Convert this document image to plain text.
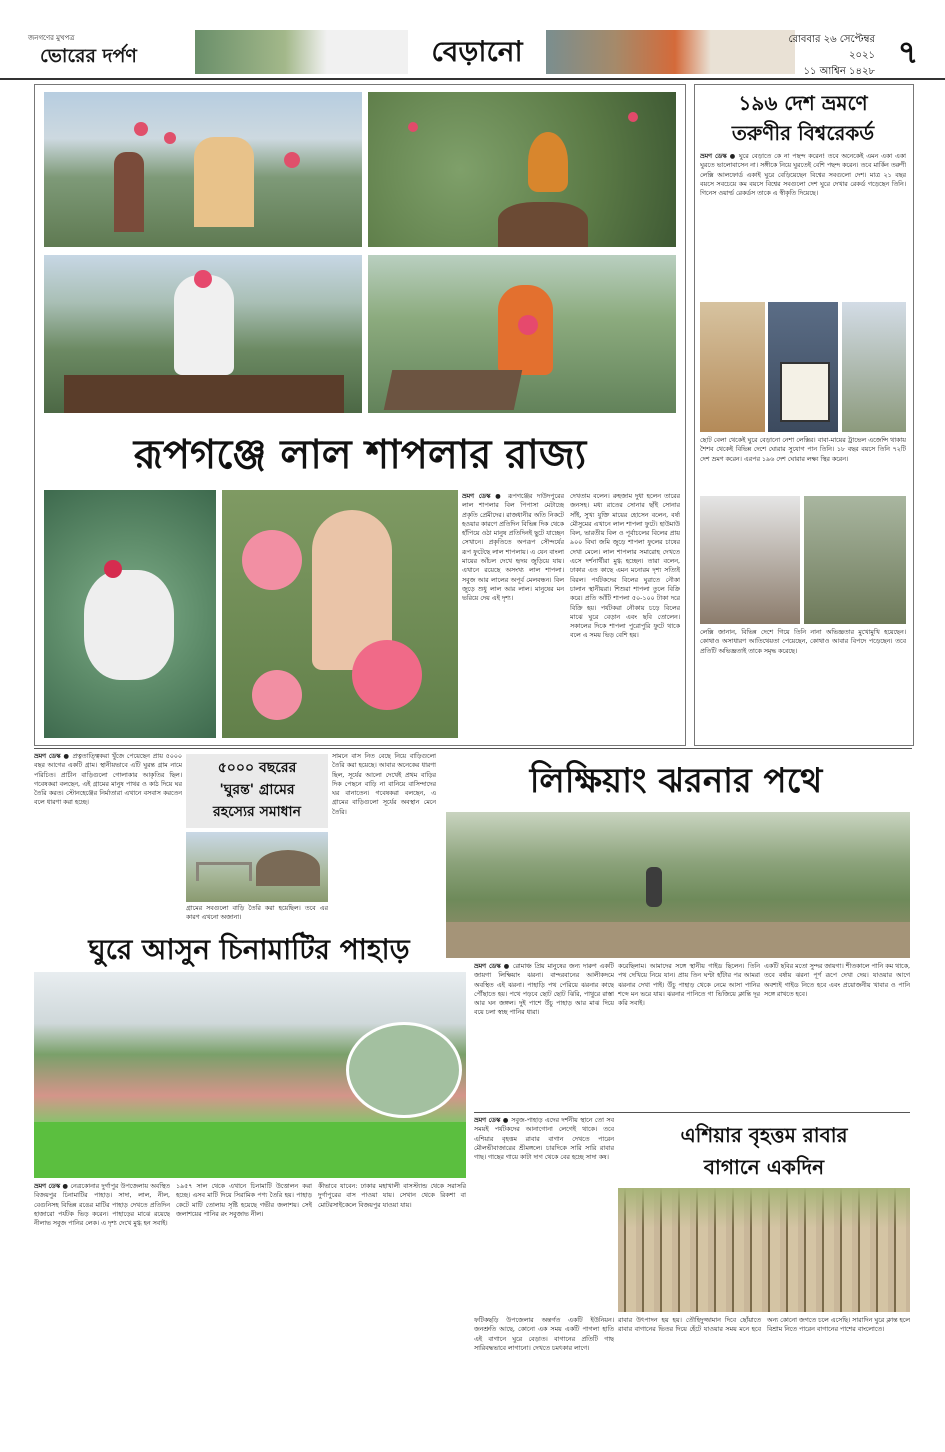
জনগণের মুখপত্র
ভোরের দর্পণ	বেড়ানো	রোববার ২৬ সেপ্টেম্বর ২০২১
১১ আশ্বিন ১৪২৮
৭
রূপগঞ্জে লাল শাপলার রাজ্য
ভ্রমণ ডেস্ক ● রূপগঞ্জের দাউদপুরের লাল শাপলার বিল পিপাসা মেটাচ্ছে প্রকৃতি প্রেমীদের। রাজধানীর অতি নিকটে হওয়ার কারণে প্রতিদিন বিভিন্ন দিক থেকে হাঁপিয়ে ওঠা মানুষ প্রতিদিনই ছুটে যাচ্ছেন সেখানে। প্রকৃতিতে অপরূপ সৌন্দর্যের রূপ ফুটেছে লাল শাপলায়। এ যেন বাংলা মায়ের আঁচল দেখে হৃদয় জুড়িয়ে যায়। এখানে রয়েছে অসংখ্য লাল শাপলা। সবুজ আর লালের অপূর্ব মেলবন্ধন। বিল জুড়ে শুধু লাল আর লাল। মানুষের মন ভরিয়ে দেয় এই দৃশ্য।
দেখতাম বলেন। রুহজাম দুধা হলেন তারের জনসহ। মধ্য রাতের সোনার ছাঁই সোনার সাঁই, সুখ্য যুক্তি মায়ের হোসেন বলেন, বর্ষা মৌসুমের এখানে লাল শাপলা ফুটে। হাউমাউ বিল, ভারতীয় বিল ও পূর্বাচলের বিলের প্রায় ৯০০ বিঘা জমি জুড়ে শাপলা ফুলের চাষের দেখা মেলে। লাল শাপলার সমারোহ দেখতে এসে দর্শনার্থীরা মুগ্ধ হচ্ছেন। তারা বলেন, ঢাকার এত কাছে এমন মনোরম দৃশ্য সত্যিই বিরল। পর্যটকদের বিলের ঘুরাতে নৌকা চালান স্থানীয়রা। শিশুরা শাপলা তুলে বিক্রি করে। প্রতি আঁটি শাপলা ৫০-১০০ টাকা দরে বিক্রি হয়। পর্যটকরা নৌকায় চড়ে বিলের মাঝে ঘুরে বেড়ান এবং ছবি তোলেন। সকালের দিকে শাপলা পুরোপুরি ফুটে থাকে বলে এ সময় ভিড় বেশি হয়।
১৯৬ দেশ ভ্রমণে
তরুণীর বিশ্বরেকর্ড
ভ্রমণ ডেস্ক ● ঘুরে বেড়াতে কে না পছন্দ করেন! তবে অনেকেই এমন একা একা ঘুরতে ভালোবাসেন না। সঙ্গীকে নিয়ে ঘুরতেই বেশি পছন্দ করেন। তবে মার্কিন তরুণী লেক্সি আলফোর্ড একাই ঘুরে বেড়িয়েছেন বিশ্বের সবগুলো দেশ। মাত্র ২১ বছর বয়সে সবচেয়ে কম বয়সে বিশ্বের সবগুলো দেশ ঘুরে দেখার রেকর্ড গড়েছেন তিনি। গিনেস ওয়ার্ল্ড রেকর্ডস তাকে এ স্বীকৃতি দিয়েছে।
ছোট বেলা থেকেই ঘুরে বেড়ানো নেশা লেক্সির। বাবা-মায়ের ট্রাভেল এজেন্সি থাকায় শৈশব থেকেই বিভিন্ন দেশে ঘোরার সুযোগ পান তিনি। ১৮ বছর বয়সে তিনি ৭২টি দেশ ভ্রমণ করেন। এরপর ১৯৬ দেশ ঘোরার লক্ষ্য স্থির করেন।
লেক্সি জানান, বিভিন্ন দেশে গিয়ে তিনি নানা অভিজ্ঞতার মুখোমুখি হয়েছেন। কোথাও অসাধারণ আতিথেয়তা পেয়েছেন, কোথাও আবার বিপদে পড়েছেন। তবে প্রতিটি অভিজ্ঞতাই তাকে সমৃদ্ধ করেছে।
ভ্রমণ ডেস্ক ● প্রত্নতাত্ত্বিকরা খুঁজে পেয়েছেন প্রায় ৫০০০ বছর আগের একটি গ্রাম। স্থানীয়ভাবে এটি ঘুরন্ত গ্রাম নামে পরিচিত। প্রাচীন বাড়িগুলো গোলাকার আকৃতির ছিল। গবেষকরা বলছেন, এই গ্রামের মানুষ পাথর ও কাঠ দিয়ে ঘর তৈরি করত। স্টোনহেঞ্জের নির্মাতারা এখানে বসবাস করতেন বলে ধারণা করা হচ্ছে।
৫০০০ বছরের
'ঘুরন্ত' গ্রামের
রহস্যের সমাধান
গ্রামের সবগুলো বাড়ি তৈরি করা হয়েছিল। তবে এর কারণ এখনো অজানা।
সামনে বাস নিত বেছে নিয়ে বাড়িগুলো তৈরি করা হয়েছে। আবার অনেকের ধারণা ছিল, সূর্যের আলো দেখেই প্রথম বাড়ির দিক পেছনে বাড়ি না বানিয়ে বাসিন্দাদের ঘর বানাতেন। গবেষকরা বলছেন, এ গ্রামের বাড়িগুলো সূর্যের অবস্থান মেনে তৈরি।
লিক্ষিয়াং ঝরনার পথে
ঘুরে আসুন চিনামাটির পাহাড়
ভ্রমণ ডেস্ক ● নেত্রকোনার দুর্গাপুর উপজেলায় অবস্থিত বিজয়পুর চিনামাটির পাহাড়। সাদা, লাল, নীল, বেগুনিসহ বিভিন্ন রঙের মাটির পাহাড় দেখতে প্রতিদিন হাজারো পর্যটক ভিড় করেন। পাহাড়ের মাঝে রয়েছে নীলাভ সবুজ পানির লেক। এ দৃশ্য দেখে মুগ্ধ হন সবাই।
১৯৫৭ সাল থেকে এখানে চিনামাটি উত্তোলন করা হচ্ছে। এসব মাটি দিয়ে সিরামিক পণ্য তৈরি হয়। পাহাড় কেটে মাটি তোলায় সৃষ্টি হয়েছে গভীর জলাশয়। সেই জলাশয়ের পানির রং সবুজাভ নীল।
কীভাবে যাবেন: ঢাকার মহাখালী বাসস্ট্যান্ড থেকে সরাসরি দুর্গাপুরের বাস পাওয়া যায়। সেখান থেকে রিকশা বা মোটরসাইকেলে বিজয়পুর যাওয়া যায়।
ভ্রমণ ডেস্ক ● রোমাঞ্চ প্রিয় মানুষের জন্য দারুণ একটি জায়গা লিক্ষিয়াং ঝরনা। বান্দরবানের আলীকদমে অবস্থিত এই ঝরনা। পাহাড়ি পথ পেরিয়ে ঝরনার কাছে পৌঁছাতে হয়। পথে পড়বে ছোট ছোট ঝিরি, পাথুরে রাস্তা আর ঘন জঙ্গল। দুই পাশে উঁচু পাহাড় আর মাঝ দিয়ে বয়ে চলা স্বচ্ছ পানির ধারা।
করেছিলাম। আমাদের সঙ্গে স্থানীয় গাইড ছিলেন। তিনি পথ দেখিয়ে নিয়ে যান। প্রায় তিন ঘণ্টা হাঁটার পর আমরা ঝরনার দেখা পাই। উঁচু পাহাড় থেকে নেমে আসা পানির শব্দে মন ভরে যায়। ঝরনার পানিতে গা ভিজিয়ে ক্লান্তি দূর করি সবাই।
একটি ছবির মতো সুন্দর জায়গা। শীতকালে পানি কম থাকে, তবে বর্ষায় ঝরনা পূর্ণ রূপে দেখা দেয়। যাওয়ার আগে অবশ্যই গাইড নিতে হবে এবং প্রয়োজনীয় খাবার ও পানি সঙ্গে রাখতে হবে।
ভ্রমণ ডেস্ক ● সবুজ-পাহাড় এদের দর্শনীয় স্থানে তো সব সময়ই পর্যটকদের আনাগোনা লেগেই থাকে। তবে এশিয়ার বৃহত্তম রাবার বাগান দেখতে পারেন মৌলভীবাজারের শ্রীমঙ্গলে। চারদিকে সারি সারি রাবার গাছ। গাছের গায়ে কাটা দাগ থেকে বের হচ্ছে সাদা কষ।
এশিয়ার বৃহত্তম রাবার
বাগানে একদিন
ফটিকছড়ি উপজেলার অন্তর্গত একটি ইউনিয়ন। জনশ্রুতি আছে, কোনো এক সময় একটি পাগলা হাতি এই বাগানে ঘুরে বেড়াত। বাগানের প্রতিটি গাছ সারিবদ্ধভাবে লাগানো। দেখতে চমৎকার লাগে।
রাবার উৎপাদন হয় হয়। তৌহিদুজ্জামান দিবে ছোঁয়াতে রাবার বাগানের ভিতর দিয়ে হেঁটে যাওয়ার সময় মনে হবে অন্য কোনো জগতে চলে এসেছি। সারাদিন ঘুরে ক্লান্ত হলে বিশ্রাম নিতে পারেন বাগানের পাশের বাংলোতে।
